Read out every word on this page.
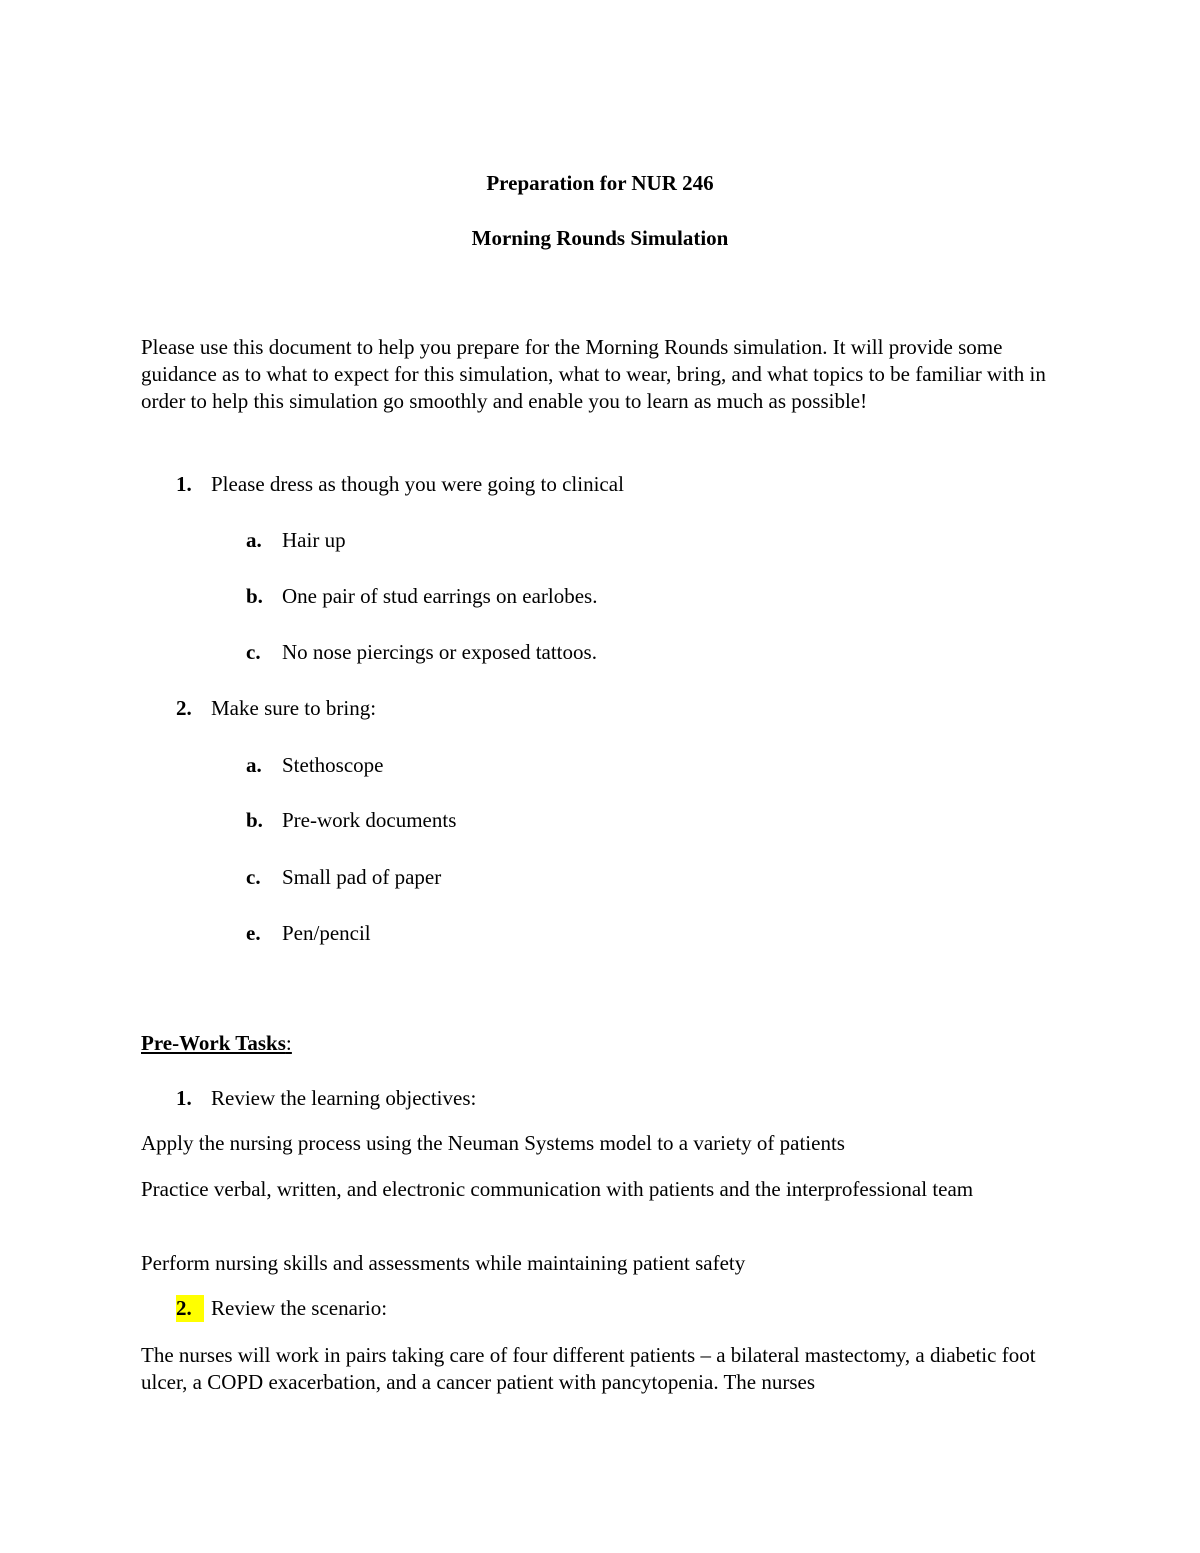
Preparation for NUR 246
Morning Rounds Simulation
Please use this document to help you prepare for the Morning Rounds simulation. It will provide some guidance as to what to expect for this simulation, what to wear, bring, and what topics to be familiar with in order to help this simulation go smoothly and enable you to learn as much as possible!
1. Please dress as though you were going to clinical
a. Hair up
b. One pair of stud earrings on earlobes.
c. No nose piercings or exposed tattoos.
2. Make sure to bring:
a. Stethoscope
b. Pre-work documents
c. Small pad of paper
e. Pen/pencil
Pre-Work Tasks:
1. Review the learning objectives:
Apply the nursing process using the Neuman Systems model to a variety of patients
Practice verbal, written, and electronic communication with patients and the interprofessional team
Perform nursing skills and assessments while maintaining patient safety
2. Review the scenario:
The nurses will work in pairs taking care of four different patients – a bilateral mastectomy, a diabetic foot ulcer, a COPD exacerbation, and a cancer patient with pancytopenia. The nurses
